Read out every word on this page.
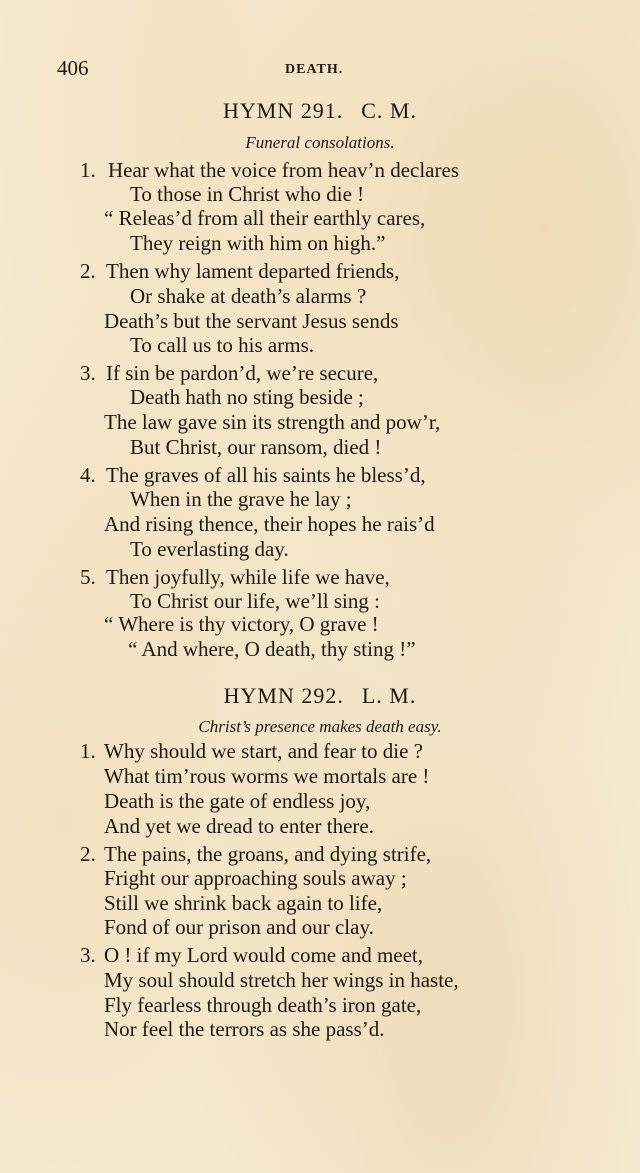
406	DEATH.
HYMN 291. C. M.
Funeral consolations.
1. Hear what the voice from heav’n declares
To those in Christ who die !
“ Releas’d from all their earthly cares,
They reign with him on high.”
2. Then why lament departed friends,
Or shake at death’s alarms ?
Death’s but the servant Jesus sends
To call us to his arms.
3. If sin be pardon’d, we’re secure,
Death hath no sting beside ;
The law gave sin its strength and pow’r,
But Christ, our ransom, died !
4. The graves of all his saints he bless’d,
When in the grave he lay ;
And rising thence, their hopes he rais’d
To everlasting day.
5. Then joyfully, while life we have,
To Christ our life, we’ll sing :
“ Where is thy victory, O grave !
“ And where, O death, thy sting !”
HYMN 292. L. M.
Christ’s presence makes death easy.
1. Why should we start, and fear to die ?
What tim’rous worms we mortals are !
Death is the gate of endless joy,
And yet we dread to enter there.
2. The pains, the groans, and dying strife,
Fright our approaching souls away ;
Still we shrink back again to life,
Fond of our prison and our clay.
3. O ! if my Lord would come and meet,
My soul should stretch her wings in haste,
Fly fearless through death’s iron gate,
Nor feel the terrors as she pass’d.
